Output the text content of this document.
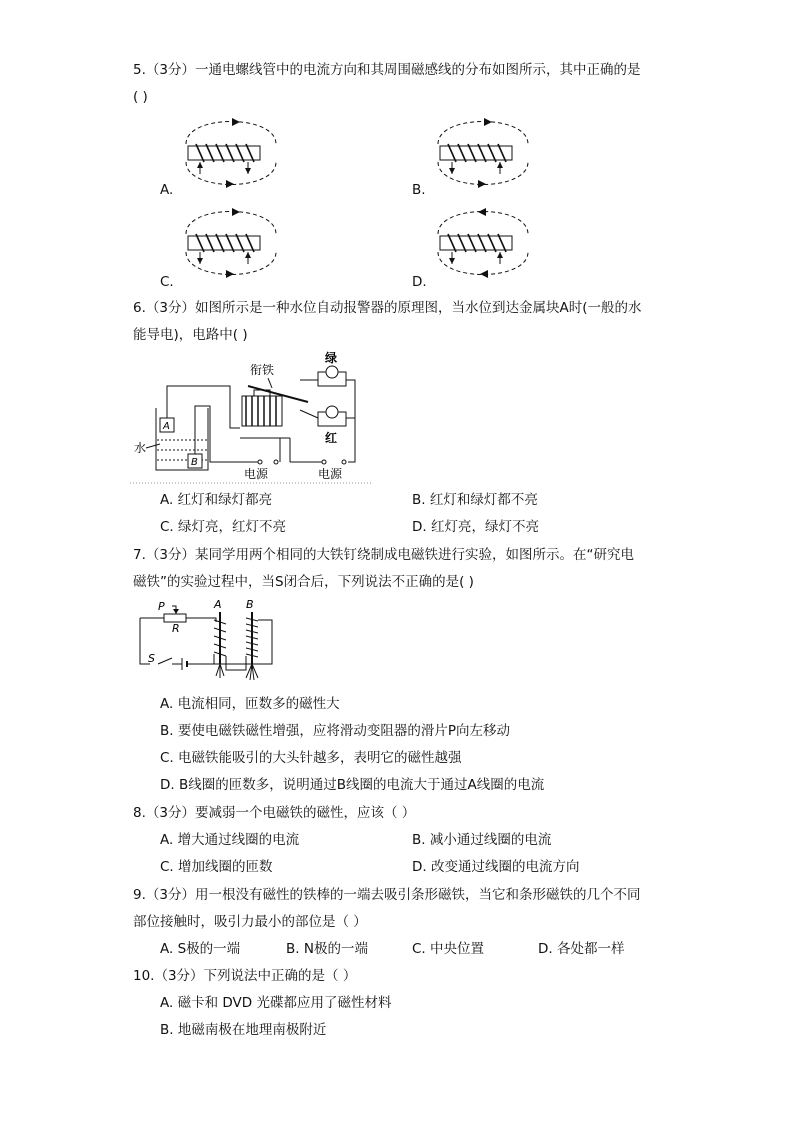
5.（3分）一通电螺线管中的电流方向和其周围磁感线的分布如图所示，其中正确的是
( )
A.	B.
C.	D.
6.（3分）如图所示是一种水位自动报警器的原理图，当水位到达金属块A时(一般的水
能导电)，电路中( )
A
B
水
衔铁
绿
红
电源	电源
A. 红灯和绿灯都亮	B. 红灯和绿灯都不亮
C. 绿灯亮，红灯不亮	D. 红灯亮，绿灯不亮
7.（3分）某同学用两个相同的大铁钉绕制成电磁铁进行实验，如图所示。在“研究电
磁铁”的实验过程中，当S闭合后，下列说法不正确的是( )
S
P
R
A B
A. 电流相同，匝数多的磁性大
B. 要使电磁铁磁性增强，应将滑动变阻器的滑片P向左移动
C. 电磁铁能吸引的大头针越多，表明它的磁性越强
D. B线圈的匝数多，说明通过B线圈的电流大于通过A线圈的电流
8.（3分）要减弱一个电磁铁的磁性，应该（ ）
A. 增大通过线圈的电流	B. 减小通过线圈的电流
C. 增加线圈的匝数	D. 改变通过线圈的电流方向
9.（3分）用一根没有磁性的铁棒的一端去吸引条形磁铁，当它和条形磁铁的几个不同
部位接触时，吸引力最小的部位是（ ）
A. S极的一端	B. N极的一端	C. 中央位置	D. 各处都一样
10.（3分）下列说法中正确的是（ ）
A. 磁卡和 DVD 光碟都应用了磁性材料
B. 地磁南极在地理南极附近
